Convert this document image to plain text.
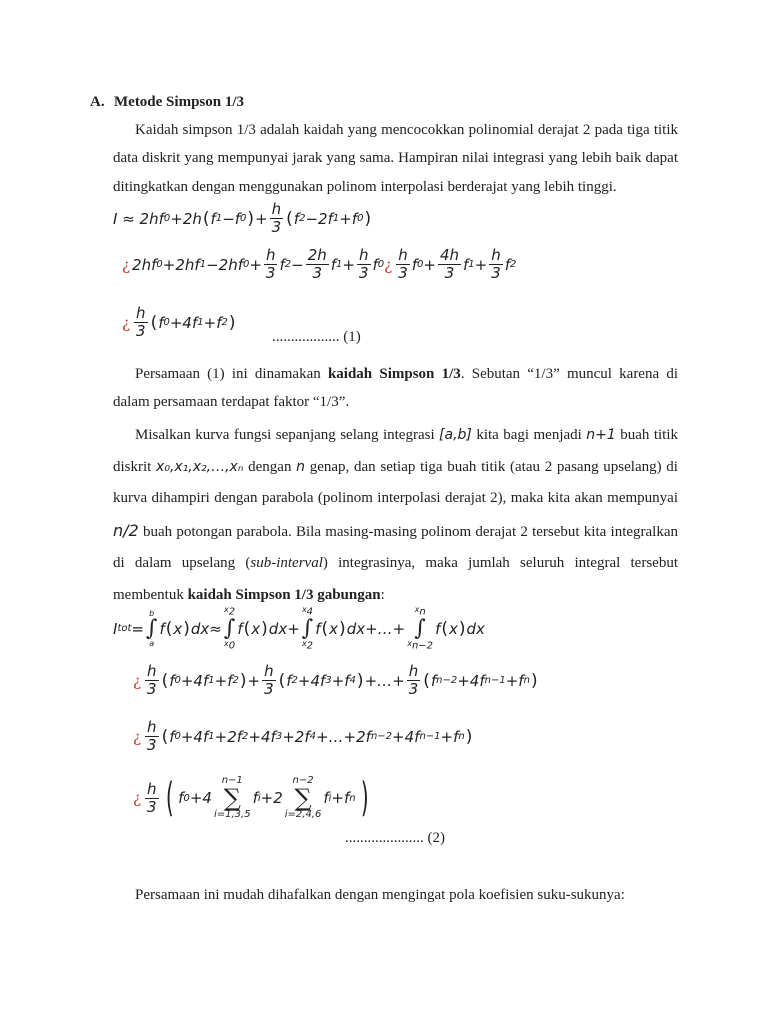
A. Metode Simpson 1/3
Kaidah simpson 1/3 adalah kaidah yang mencocokkan polinomial derajat 2 pada tiga titik data diskrit yang mempunyai jarak yang sama. Hampiran nilai integrasi yang lebih baik dapat ditingkatkan dengan menggunakan polinom interpolasi berderajat yang lebih tinggi.
I ≈ 2 h f 0 +2 h ( f 1 −f 0 ) + $\frac{h}{3}$ ( f 2 −2f 1 +f 0 )
¿ 2 h f 0 +2 h f 1 −2 h f $0 + \frac{h}{3}$ f $2 - \frac{2h}{3}$ f $1 + \frac{h}{3}$ f 0 ¿ $\frac{h}{3}$ f $0 + \frac{4h}{3}$ f $1 + \frac{h}{3}$ f 2
¿ $\frac{h}{3}$ ( f 0 +4f 1 +f 2 )
.................. (1)
Persamaan (1) ini dinamakan kaidah Simpson 1/3. Sebutan “1/3” muncul karena di dalam persamaan terdapat faktor “1/3”.
Misalkan kurva fungsi sepanjang selang integrasi [a,b] kita bagi menjadi n+1 buah titik diskrit x₀,x₁,x₂,…,xₙ dengan n genap, dan setiap tiga buah titik (atau 2 pasang upselang) di kurva dihampiri dengan parabola (polinom interpolasi derajat 2), maka kita akan mempunyai n/2 buah potongan parabola. Bila masing-masing polinom derajat 2 tersebut kita integralkan di dalam upselang (sub-interval) integrasinya, maka jumlah seluruh integral tersebut membentuk kaidah Simpson 1/3 gabungan:
I tot =
b
∫
a
f ( x ) dx≈
$x_2$
∫
$x_0$
f ( x ) dx+
$x_4$
∫
$x_2$
f ( x ) dx+…+
$x_n$
∫
$x_{n-2}$
f ( x ) dx
¿ $\frac{h}{3}$ ( f 0 +4f 1 +f 2 ) + $\frac{h}{3}$ ( f 2 +4f 3 +f 4 ) +…+ $\frac{h}{3}$ ( f n−2 +4f n−1 +f n )
¿ $\frac{h}{3}$ ( f 0 +4f 1 +2f 2 +4f 3 +2f 4 +…+2f n−2 +4f n−1 +f n )
¿ $\frac{h}{3}$ ( f 0 +4
n−1
∑
i=1,3,5
f i +2
n−2
∑
i=2,4,6
f i +f n )
..................... (2)
Persamaan ini mudah dihafalkan dengan mengingat pola koefisien suku-sukunya:
